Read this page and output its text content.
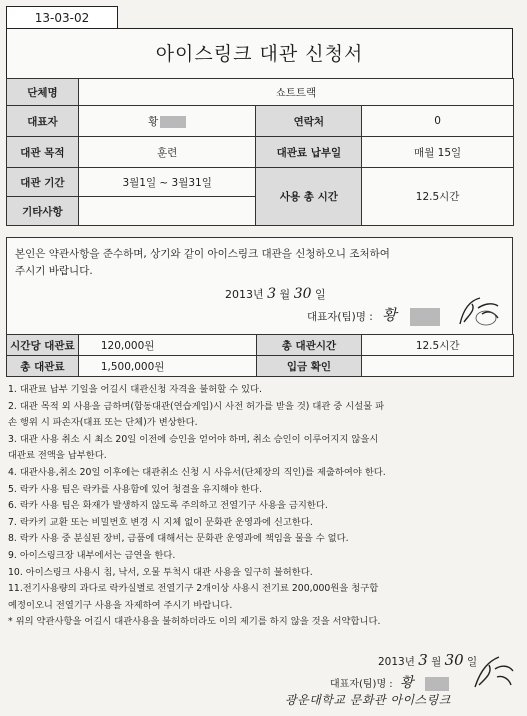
13-03-02
아이스링크 대관 신청서
단체명	쇼트트랙		
대표자	황	연락처	0
대관 목적	훈련	대관료 납부일	매월 15일
대관 기간	3월1일 ~ 3월31일	사용 총 시간	12.5시간
기타사항			
본인은 약관사항을 준수하며, 상기와 같이 아이스링크 대관을 신청하오니 조처하여
주시기 바랍니다.
2013년 3 월 30 일
대표자(팀)명 : 황
시간당 대관료	120,000원	총 대관시간	12.5시간
총 대관료	1,500,000원	입금 확인	
1. 대관료 납부 기일을 어길시 대관신청 자격을 불허할 수 있다.
2. 대관 목적 외 사용을 금하며(함동대관(연습게임)시 사전 허가를 받을 것) 대관 중 시설물 파
손 행위 시 파손자(대표 또는 단체)가 변상한다.
3. 대관 사용 취소 시 최소 20일 이전에 승인을 얻어야 하며, 취소 승인이 이루어지지 않을시
대관료 전액을 납부한다.
4. 대관사용,취소 20일 이후에는 대관취소 신청 시 사유서(단체장의 직인)를 제출하여야 한다.
5. 락카 사용 팀은 락카를 사용함에 있어 청결을 유지해야 한다.
6. 락카 사용 팀은 화재가 발생하지 않도록 주의하고 전열기구 사용을 금지한다.
7. 락카키 교환 또는 비밀번호 변경 시 지체 없이 문화관 운영과에 신고한다.
8. 락카 사용 중 분실된 장비, 금품에 대해서는 문화관 운영과에 책임을 물을 수 없다.
9. 아이스링크장 내부에서는 금연을 한다.
10. 아이스링크 사용시 침, 낙서, 오물 투척시 대관 사용을 일구히 불허한다.
11.전기사용량의 과다로 락카실별로 전열기구 2개이상 사용시 전기료 200,000원을 청구합
예정이오니 전열기구 사용을 자제하여 주시기 바랍니다.
* 위의 약관사항을 어길시 대관사용을 불허하더라도 이의 제기를 하지 않을 것을 서약합니다.
2013년 3 월 30 일
대표자(팀)명 : 황
광운대학교 문화관 아이스링크
